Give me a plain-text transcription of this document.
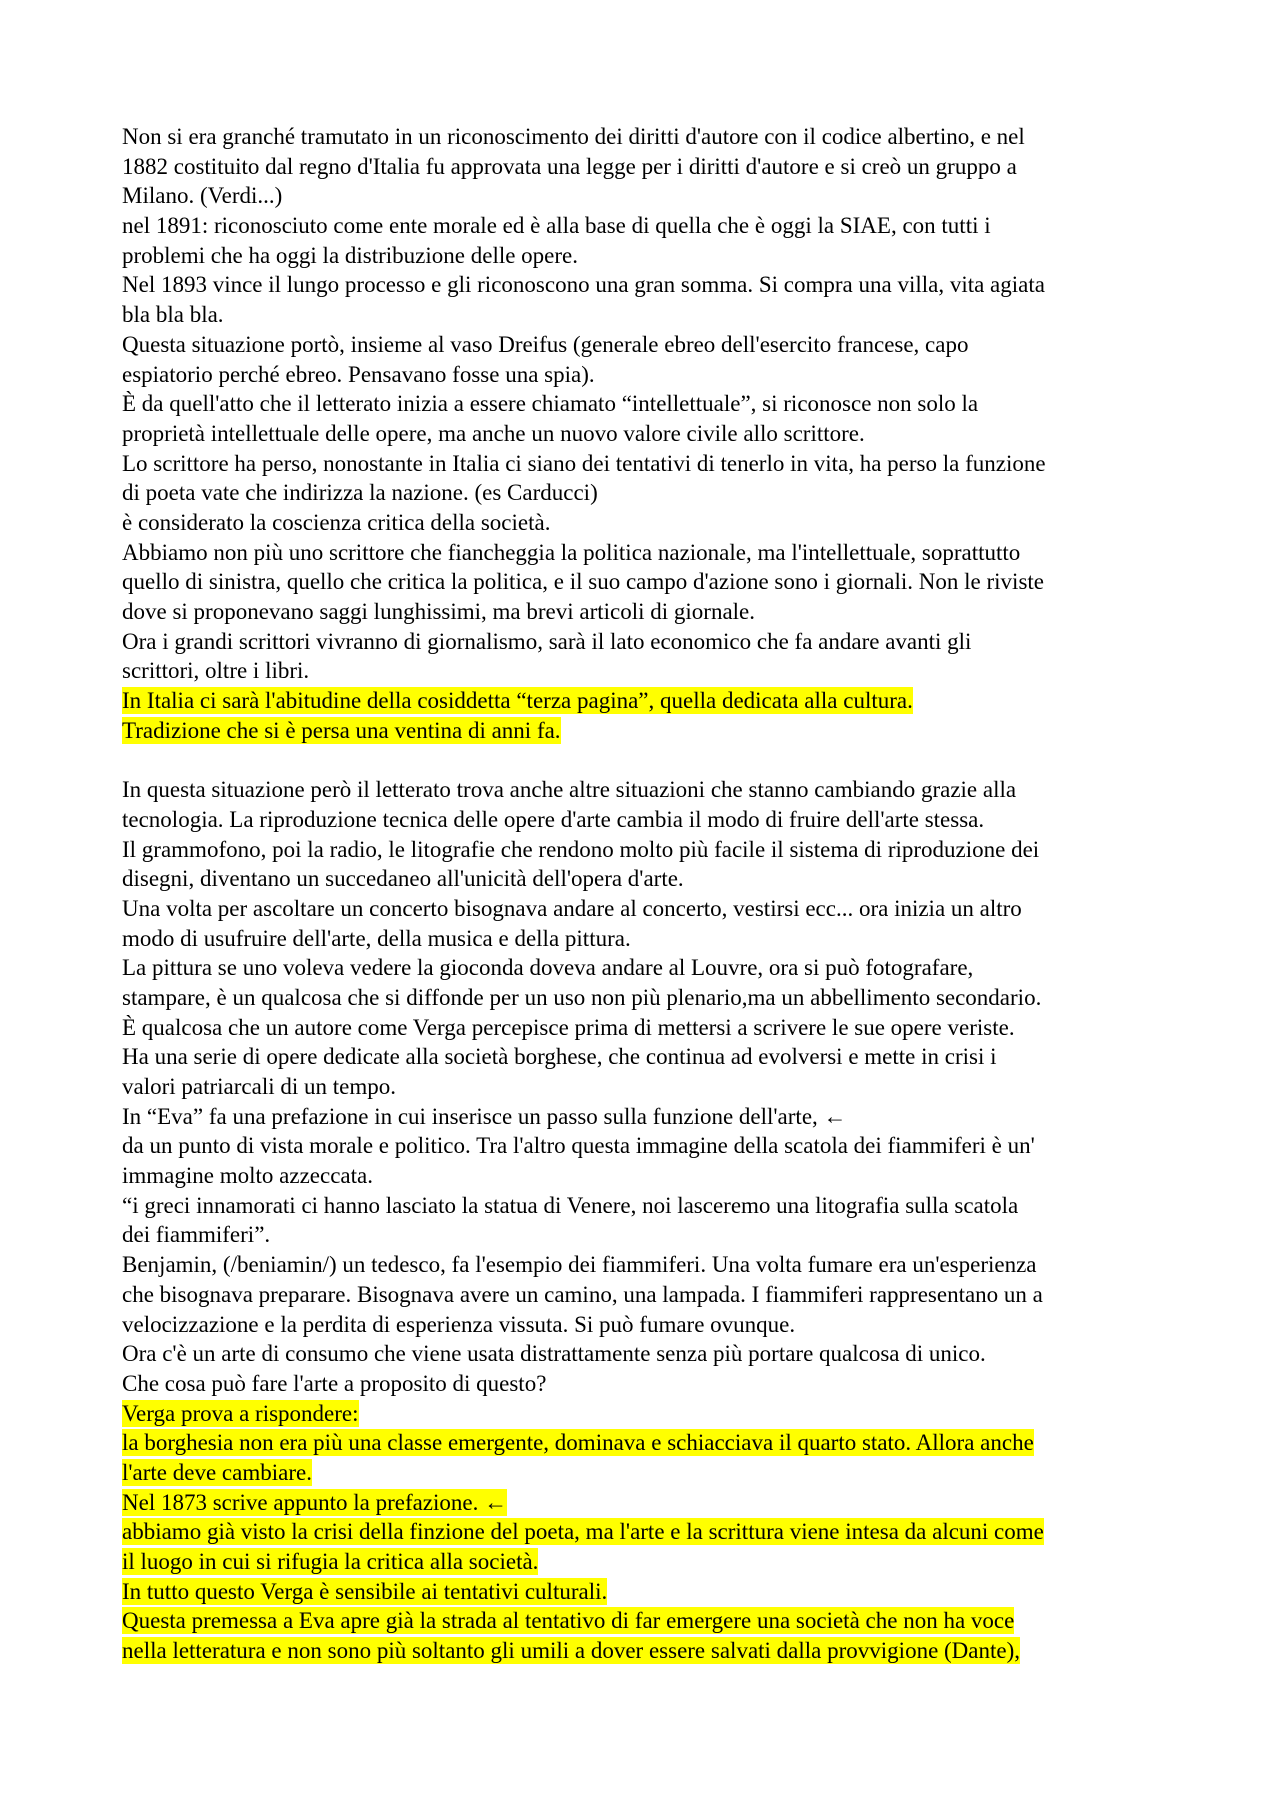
Non si era granché tramutato in un riconoscimento dei diritti d'autore con il codice albertino, e nel
1882 costituito dal regno d'Italia fu approvata una legge per i diritti d'autore e si creò un gruppo a
Milano. (Verdi...)
nel 1891: riconosciuto come ente morale ed è alla base di quella che è oggi la SIAE, con tutti i
problemi che ha oggi la distribuzione delle opere.
Nel 1893 vince il lungo processo e gli riconoscono una gran somma. Si compra una villa, vita agiata
bla bla bla.
Questa situazione portò, insieme al vaso Dreifus (generale ebreo dell'esercito francese, capo
espiatorio perché ebreo. Pensavano fosse una spia).
È da quell'atto che il letterato inizia a essere chiamato “intellettuale”, si riconosce non solo la
proprietà intellettuale delle opere, ma anche un nuovo valore civile allo scrittore.
Lo scrittore ha perso, nonostante in Italia ci siano dei tentativi di tenerlo in vita, ha perso la funzione
di poeta vate che indirizza la nazione. (es Carducci)
è considerato la coscienza critica della società.
Abbiamo non più uno scrittore che fiancheggia la politica nazionale, ma l'intellettuale, soprattutto
quello di sinistra, quello che critica la politica, e il suo campo d'azione sono i giornali. Non le riviste
dove si proponevano saggi lunghissimi, ma brevi articoli di giornale.
Ora i grandi scrittori vivranno di giornalismo, sarà il lato economico che fa andare avanti gli
scrittori, oltre i libri.
In Italia ci sarà l'abitudine della cosiddetta “terza pagina”, quella dedicata alla cultura.
Tradizione che si è persa una ventina di anni fa.
In questa situazione però il letterato trova anche altre situazioni che stanno cambiando grazie alla
tecnologia. La riproduzione tecnica delle opere d'arte cambia il modo di fruire dell'arte stessa.
Il grammofono, poi la radio, le litografie che rendono molto più facile il sistema di riproduzione dei
disegni, diventano un succedaneo all'unicità dell'opera d'arte.
Una volta per ascoltare un concerto bisognava andare al concerto, vestirsi ecc... ora inizia un altro
modo di usufruire dell'arte, della musica e della pittura.
La pittura se uno voleva vedere la gioconda doveva andare al Louvre, ora si può fotografare,
stampare, è un qualcosa che si diffonde per un uso non più plenario,ma un abbellimento secondario.
È qualcosa che un autore come Verga percepisce prima di mettersi a scrivere le sue opere veriste.
Ha una serie di opere dedicate alla società borghese, che continua ad evolversi e mette in crisi i
valori patriarcali di un tempo.
In “Eva” fa una prefazione in cui inserisce un passo sulla funzione dell'arte, ←
da un punto di vista morale e politico. Tra l'altro questa immagine della scatola dei fiammiferi è un'
immagine molto azzeccata.
“i greci innamorati ci hanno lasciato la statua di Venere, noi lasceremo una litografia sulla scatola
dei fiammiferi”.
Benjamin, (/beniamin/) un tedesco, fa l'esempio dei fiammiferi. Una volta fumare era un'esperienza
che bisognava preparare. Bisognava avere un camino, una lampada. I fiammiferi rappresentano un a
velocizzazione e la perdita di esperienza vissuta. Si può fumare ovunque.
Ora c'è un arte di consumo che viene usata distrattamente senza più portare qualcosa di unico.
Che cosa può fare l'arte a proposito di questo?
Verga prova a rispondere:
la borghesia non era più una classe emergente, dominava e schiacciava il quarto stato. Allora anche
l'arte deve cambiare.
Nel 1873 scrive appunto la prefazione. ←
abbiamo già visto la crisi della finzione del poeta, ma l'arte e la scrittura viene intesa da alcuni come
il luogo in cui si rifugia la critica alla società.
In tutto questo Verga è sensibile ai tentativi culturali.
Questa premessa a Eva apre già la strada al tentativo di far emergere una società che non ha voce
nella letteratura e non sono più soltanto gli umili a dover essere salvati dalla provvigione (Dante),
